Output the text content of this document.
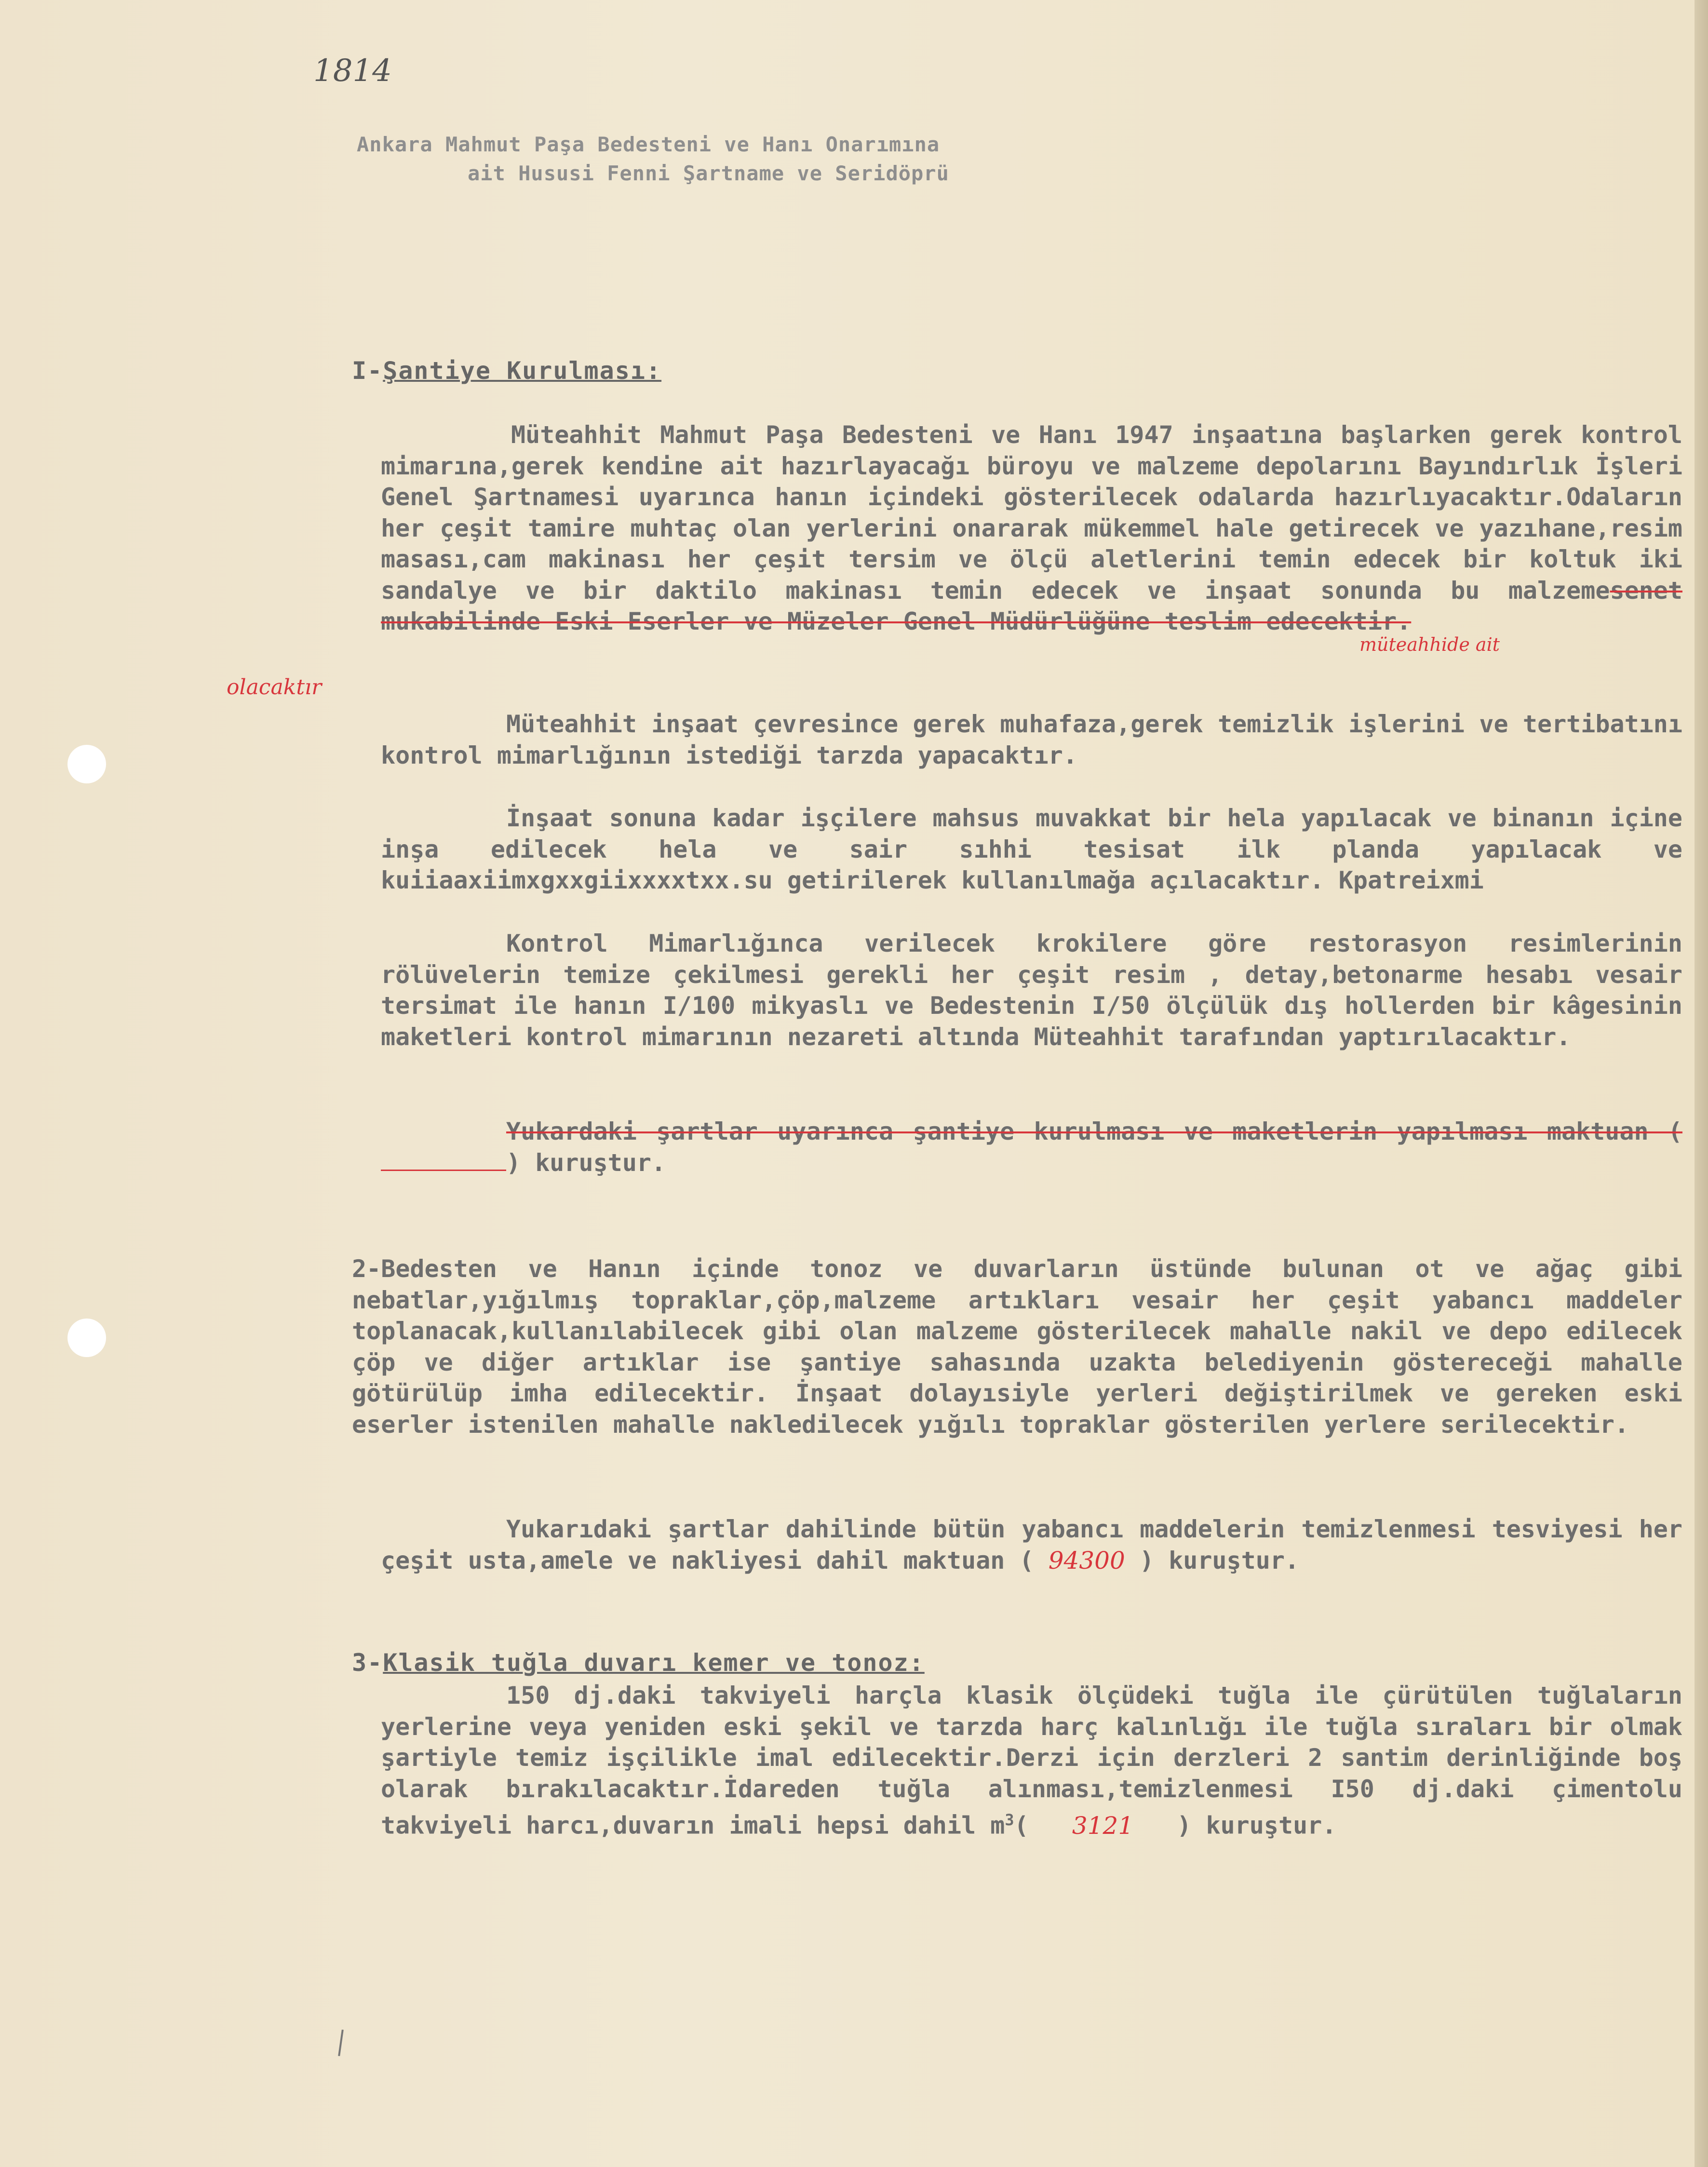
1814
Ankara Mahmut Paşa Bedesteni ve Hanı Onarımına
ait Hususi Fenni Şartname ve Seridöprü
I-Şantiye Kurulması:
Müteahhit Mahmut Paşa Bedesteni ve Hanı 1947 inşaatına başlarken gerek kontrol mimarına,gerek kendine ait hazırlayacağı büroyu ve malzeme depolarını Bayındırlık İşleri Genel Şartnamesi uyarınca hanın içindeki gösterilecek odalarda hazırlıyacaktır.Odaların her çeşit tamire muhtaç olan yerlerini onararak mükemmel hale getirecek ve yazıhane,resim masası,cam makinası her çeşit tersim ve ölçü aletlerini temin edecek bir koltuk iki sandalye ve bir daktilo makinası temin edecek ve inşaat sonunda bu malzemesenet mukabilinde Eski Eserler ve Müzeler Genel Müdürlüğüne teslim edecektir.
olacaktır
müteahhide ait
Müteahhit inşaat çevresince gerek muhafaza,gerek temizlik işlerini ve tertibatını kontrol mimarlığının istediği tarzda yapacaktır.
İnşaat sonuna kadar işçilere mahsus muvakkat bir hela yapılacak ve binanın içine inşa edilecek hela ve sair sıhhi tesisat ilk planda yapılacak ve kuiiaaxiimxgxxgiixxxxtxx.su getirilerek kullanılmağa açılacaktır. Kpatreixmi
Kontrol Mimarlığınca verilecek krokilere göre restorasyon resimlerinin rölüvelerin temize çekilmesi gerekli her çeşit resim , detay,betonarme hesabı vesair tersimat ile hanın I/100 mikyaslı ve Bedestenin I/50 ölçülük dış hollerden bir kâgesinin maketleri kontrol mimarının nezareti altında Müteahhit tarafından yaptırılacaktır.
Yukardaki şartlar uyarınca şantiye kurulması ve maketlerin yapılması maktuan () kuruştur.
2-Bedesten ve Hanın içinde tonoz ve duvarların üstünde bulunan ot ve ağaç gibi nebatlar,yığılmış topraklar,çöp,malzeme artıkları vesair her çeşit yabancı maddeler toplanacak,kullanılabilecek gibi olan malzeme gösterilecek mahalle nakil ve depo edilecek çöp ve diğer artıklar ise şantiye sahasında uzakta belediyenin göstereceği mahalle götürülüp imha edilecektir. İnşaat dolayısiyle yerleri değiştirilmek ve gereken eski eserler istenilen mahalle nakledilecek yığılı topraklar gösterilen yerlere serilecektir.
Yukarıdaki şartlar dahilinde bütün yabancı maddelerin temizlenmesi tesviyesi her çeşit usta,amele ve nakliyesi dahil maktuan ( 94300 ) kuruştur.
3-Klasik tuğla duvarı kemer ve tonoz:
150 dj.daki takviyeli harçla klasik ölçüdeki tuğla ile çürütülen tuğlaların yerlerine veya yeniden eski şekil ve tarzda harç kalınlığı ile tuğla sıraları bir olmak şartiyle temiz işçilikle imal edilecektir.Derzi için derzleri 2 santim derinliğinde boş olarak bırakılacaktır.İdareden tuğla alınması,temizlenmesi I50 dj.daki çimentolu takviyeli harcı,duvarın imali hepsi dahil $m^3$( 3121 ) kuruştur.
